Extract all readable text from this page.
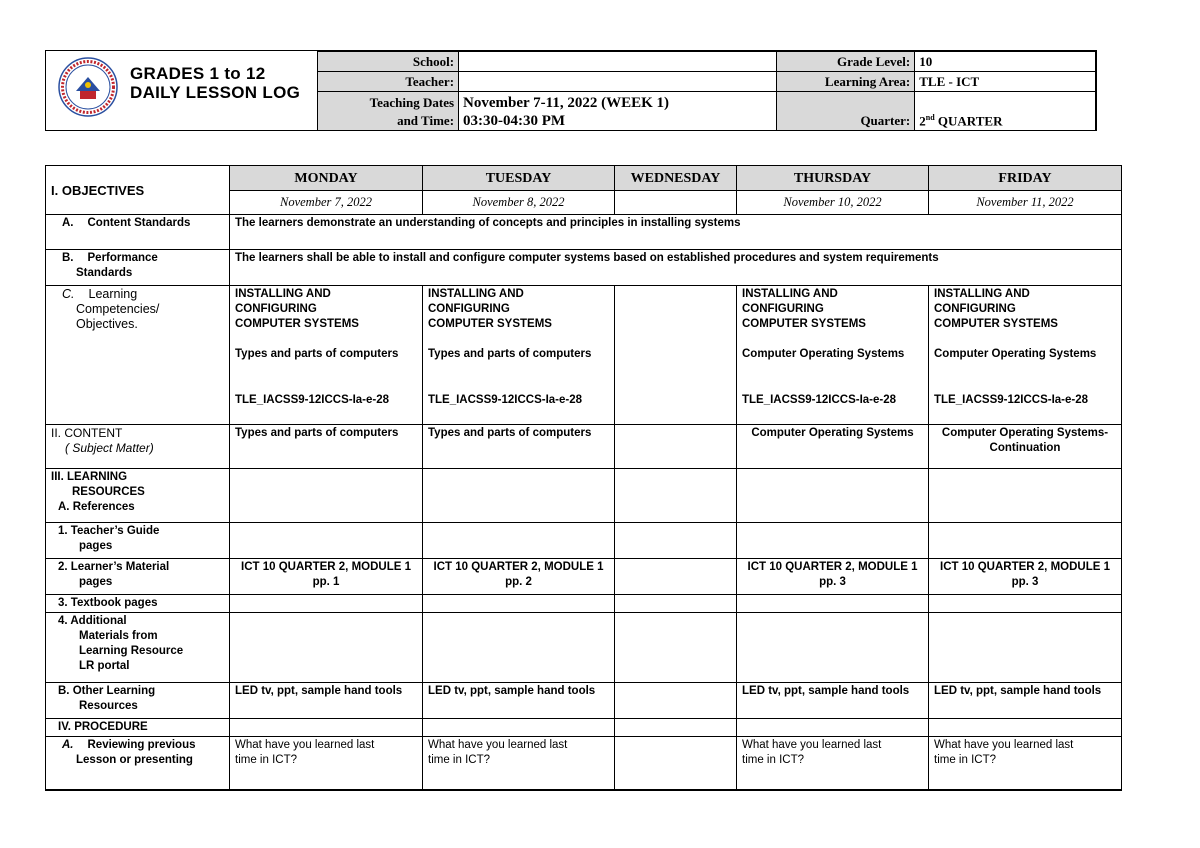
GRADES 1 to 12
DAILY LESSON LOG
School:		Grade Level:	10
Teacher:		Learning Area:	TLE - ICT

Teaching Dates
and Time:	November 7-11, 2022 (WEEK 1)
03:30-04:30 PM	Quarter:	2nd QUARTER
I. OBJECTIVES	MONDAY	TUESDAY	WEDNESDAY	THURSDAY	FRIDAY
	November 7, 2022	November 8, 2022		November 10, 2022	November 11, 2022
A. Content Standards	The learners demonstrate an understanding of concepts and principles in installing systems				

B. Performance
Standards	The learners shall be able to install and configure computer systems based on established procedures and system requirements				

C. Learning
Competencies/
Objectives.	INSTALLING AND
CONFIGURING
COMPUTER SYSTEMS
Types and parts of computers
TLE_IACSS9-12ICCS-Ia-e-28	INSTALLING AND
CONFIGURING
COMPUTER SYSTEMS
Types and parts of computers
TLE_IACSS9-12ICCS-Ia-e-28		INSTALLING AND
CONFIGURING
COMPUTER SYSTEMS
Computer Operating Systems
TLE_IACSS9-12ICCS-Ia-e-28	INSTALLING AND
CONFIGURING
COMPUTER SYSTEMS
Computer Operating Systems
TLE_IACSS9-12ICCS-Ia-e-28

II. CONTENT
( Subject Matter)	Types and parts of computers	Types and parts of computers		Computer Operating Systems	Computer Operating Systems-
Continuation

III. LEARNING
RESOURCES
A. References					

1. Teacher’s Guide
pages					

2. Learner’s Material
pages	ICT 10 QUARTER 2, MODULE 1
pp. 1	ICT 10 QUARTER 2, MODULE 1
pp. 2		ICT 10 QUARTER 2, MODULE 1
pp. 3	ICT 10 QUARTER 2, MODULE 1
pp. 3

3. Textbook pages					

4. Additional
Materials from
Learning Resource
LR portal					

B. Other Learning
Resources	LED tv, ppt, sample hand tools	LED tv, ppt, sample hand tools		LED tv, ppt, sample hand tools	LED tv, ppt, sample hand tools
IV. PROCEDURE					

A. Reviewing previous
Lesson or presenting	What have you learned last
time in ICT?	What have you learned last
time in ICT?		What have you learned last
time in ICT?	What have you learned last
time in ICT?
